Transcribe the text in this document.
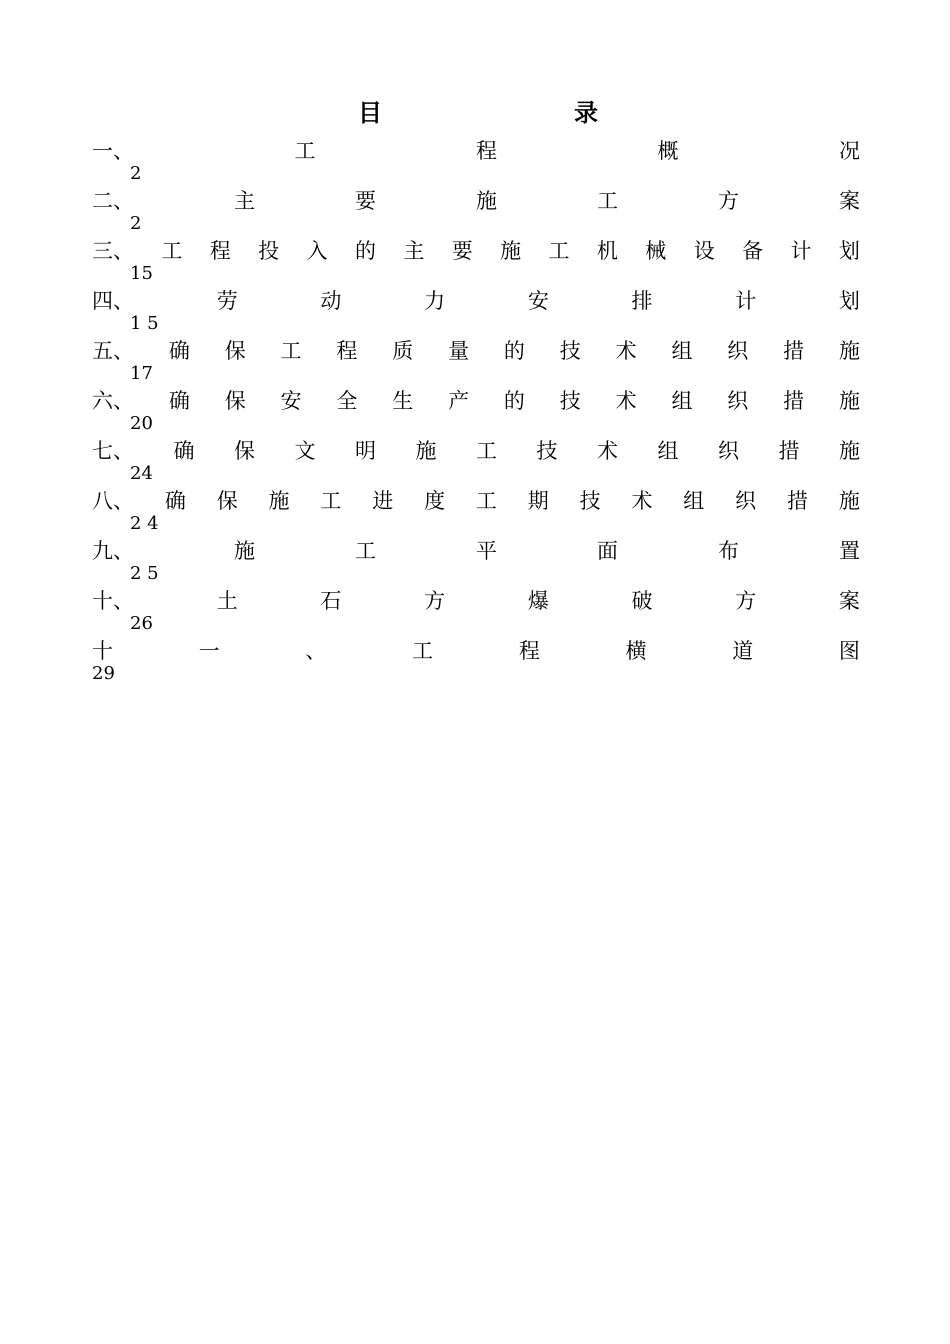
目	录
一、	工	程	概	况
2
二、	主	要	施	工	方	案
2
三、 工 程 投 入 的 主 要 施 工 机 械 设 备 计 划
15
四、	劳	动	力	安	排	计	划
1 5
五、 确 保 工 程 质 量 的 技 术 组 织 措 施
17
六、 确 保 安 全 生 产 的 技 术 组 织 措 施
20
七、 确 保 文 明 施 工 技 术 组 织 措 施
24
八、 确 保 施 工 进 度 工 期 技 术 组 织 措 施
2 4
九、	施	工	平	面	布	置
2 5
十、	土	石	方	爆	破	方	案
26
十	一	、	工	程	横	道	图
29
